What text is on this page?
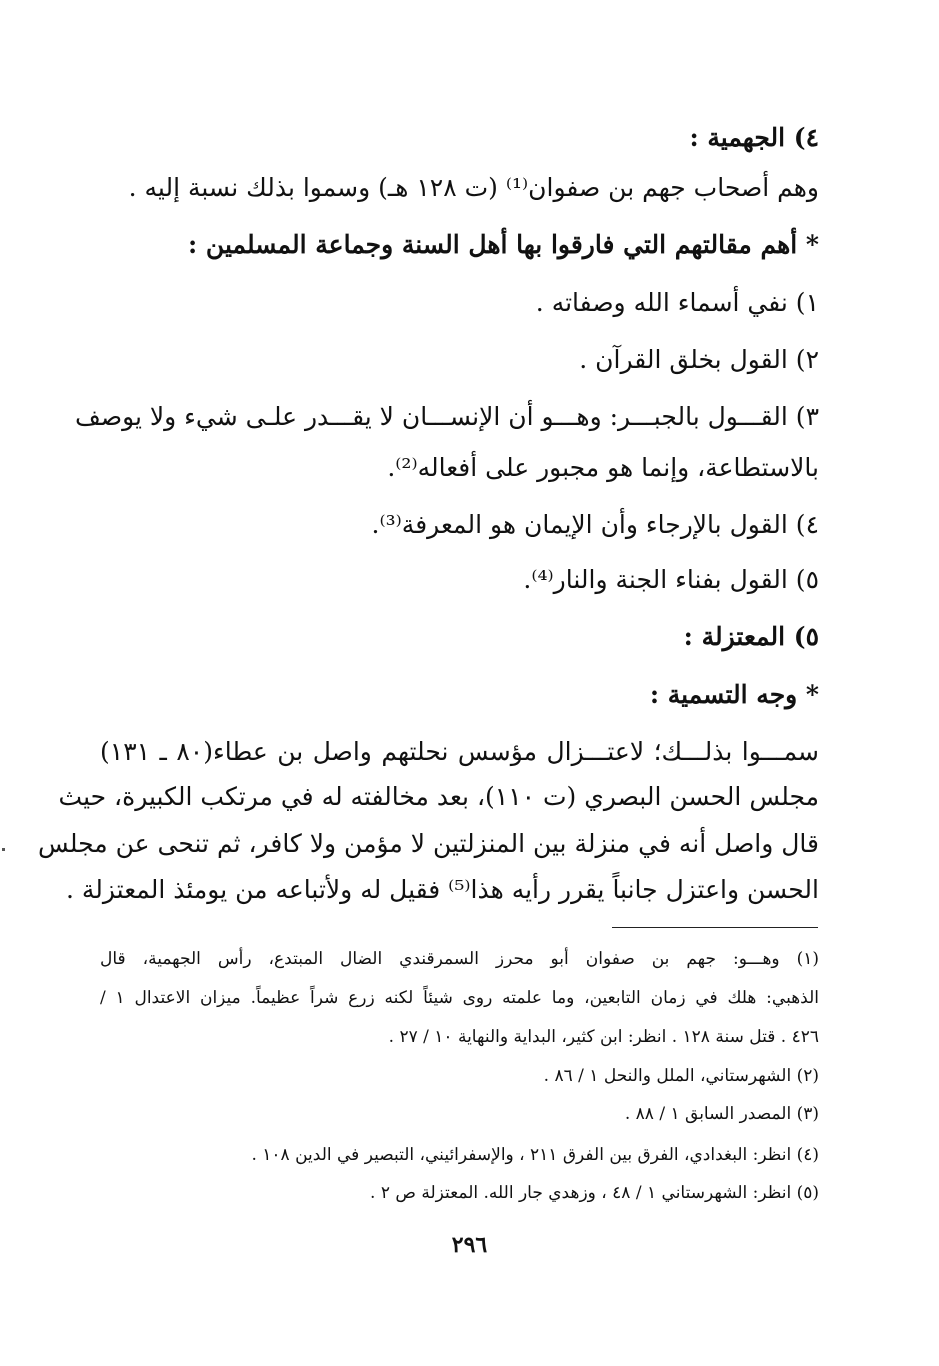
٤) الجهمية :
وهم أصحاب جهم بن صفوان⁽¹⁾ (ت ١٢٨ هـ) وسموا بذلك نسبة إليه .
* أهم مقالتهم التي فارقوا بها أهل السنة وجماعة المسلمين :
١) نفي أسماء الله وصفاته .
٢) القول بخلق القرآن .
٣) القـــول بالجبـــر: وهـــو أن الإنســـان لا يقـــدر علـى شيء ولا يوصف
بالاستطاعة، وإنما هو مجبور على أفعاله⁽²⁾.
٤) القول بالإرجاء وأن الإيمان هو المعرفة⁽³⁾.
٥) القول بفناء الجنة والنار⁽⁴⁾.
٥) المعتزلة :
* وجه التسمية :
سمـــوا بذلـــك؛ لاعتـــزال مؤسس نحلتهم واصل بن عطاء(٨٠ ـ ١٣١)
مجلس الحسن البصري (ت ١١٠)، بعد مخالفته له في مرتكب الكبيرة، حيث
قال واصل أنه في منزلة بين المنزلتين لا مؤمن ولا كافر، ثم تنحى عن مجلس
الحسن واعتزل جانباً يقرر رأيه هذا⁽⁵⁾ فقيل له ولأتباعه من يومئذ المعتزلة .
(١) وهـــو: جهم بن صفوان أبو محرز السمرقندي الضال المبتدع، رأس الجهمية، قال
الذهبي: هلك في زمان التابعين، وما علمته روى شيئاً لكنه زرع شراً عظيماً. ميزان الاعتدال ١ /
٤٢٦ . قتل سنة ١٢٨ . انظر: ابن كثير، البداية والنهاية ١٠ / ٢٧ .
(٢) الشهرستاني، الملل والنحل ١ / ٨٦ .
(٣) المصدر السابق ١ / ٨٨ .
(٤) انظر: البغدادي، الفرق بين الفرق ٢١١ ، والإسفرائيني، التبصير في الدين ١٠٨ .
(٥) انظر: الشهرستاني ١ / ٤٨ ، وزهدي جار الله. المعتزلة ص ٢ .
٢٩٦
